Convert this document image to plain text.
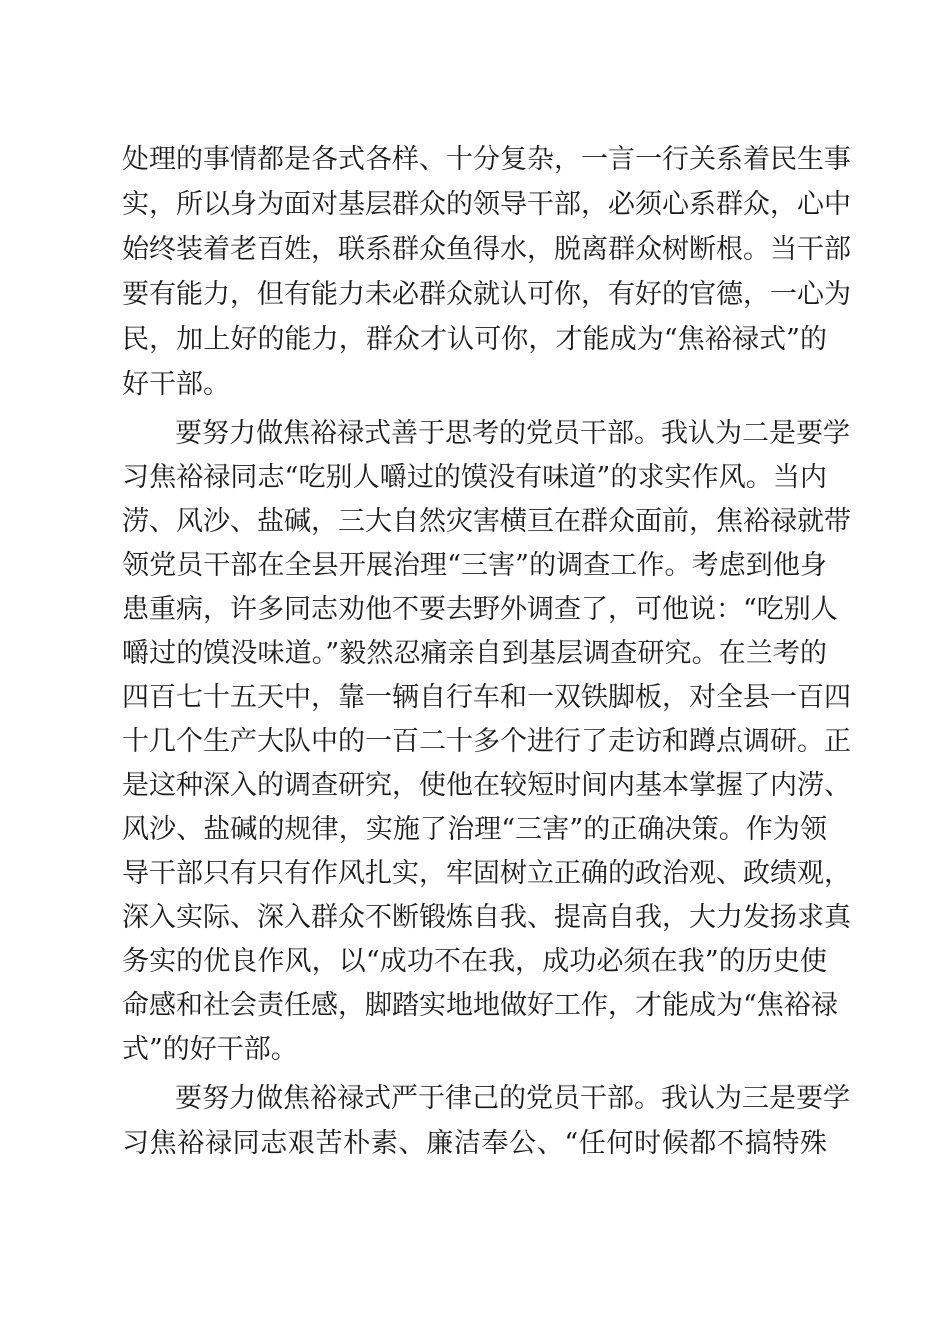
处理的事情都是各式各样、十分复杂，一言一行关系着民生事
实，所以身为面对基层群众的领导干部，必须心系群众，心中
始终装着老百姓，联系群众鱼得水，脱离群众树断根。当干部
要有能力，但有能力未必群众就认可你，有好的官德，一心为
民，加上好的能力，群众才认可你，才能成为“焦裕禄式”的
好干部。
要努力做焦裕禄式善于思考的党员干部。我认为二是要学
习焦裕禄同志“吃别人嚼过的馍没有味道”的求实作风。当内
涝、风沙、盐碱，三大自然灾害横亘在群众面前，焦裕禄就带
领党员干部在全县开展治理“三害”的调查工作。考虑到他身
患重病，许多同志劝他不要去野外调查了，可他说：“吃别人
嚼过的馍没味道。”毅然忍痛亲自到基层调查研究。在兰考的
四百七十五天中，靠一辆自行车和一双铁脚板，对全县一百四
十几个生产大队中的一百二十多个进行了走访和蹲点调研。正
是这种深入的调查研究，使他在较短时间内基本掌握了内涝、
风沙、盐碱的规律，实施了治理“三害”的正确决策。作为领
导干部只有只有作风扎实，牢固树立正确的政治观、政绩观，
深入实际、深入群众不断锻炼自我、提高自我，大力发扬求真
务实的优良作风，以“成功不在我，成功必须在我”的历史使
命感和社会责任感，脚踏实地地做好工作，才能成为“焦裕禄
式”的好干部。
要努力做焦裕禄式严于律己的党员干部。我认为三是要学
习焦裕禄同志艰苦朴素、廉洁奉公、“任何时候都不搞特殊
